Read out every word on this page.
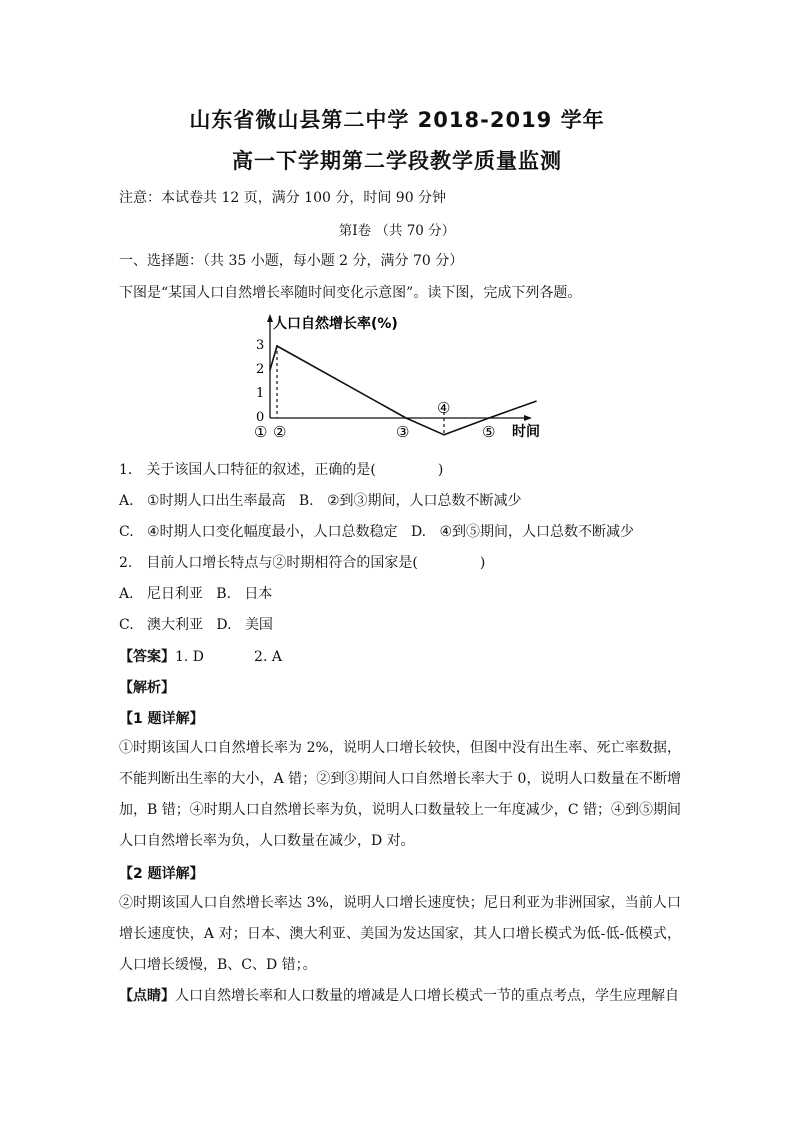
山东省微山县第二中学 2018-2019 学年
高一下学期第二学段教学质量监测
注意：本试卷共 12 页，满分 100 分，时间 90 分钟
第Ⅰ卷 （共 70 分）
一、选择题：（共 35 小题，每小题 2 分，满分 70 分）
下图是“某国人口自然增长率随时间变化示意图”。读下图，完成下列各题。
人口自然增长率(%)
时间
0
1
2
3
① ②	③
④
⑤
1.　关于该国人口特征的叙述，正确的是(	)
A. ①时期人口出生率最高 B. ②到③期间，人口总数不断减少
C. ④时期人口变化幅度最小，人口总数稳定 D. ④到⑤期间，人口总数不断减少
2.　目前人口增长特点与②时期相符合的国家是(	)
A. 尼日利亚 B. 日本
C. 澳大利亚 D. 美国
【答案】1. D	2. A
【解析】
【1 题详解】
①时期该国人口自然增长率为 2%，说明人口增长较快，但图中没有出生率、死亡率数据，不能判断出生率的大小，A 错；②到③期间人口自然增长率大于 0，说明人口数量在不断增加，B 错；④时期人口自然增长率为负，说明人口数量较上一年度减少，C 错；④到⑤期间人口自然增长率为负，人口数量在减少，D 对。
【2 题详解】
②时期该国人口自然增长率达 3%，说明人口增长速度快；尼日利亚为非洲国家，当前人口增长速度快，A 对；日本、澳大利亚、美国为发达国家，其人口增长模式为低-低-低模式，人口增长缓慢，B、C、D 错；。
【点睛】人口自然增长率和人口数量的增减是人口增长模式一节的重点考点，学生应理解自
